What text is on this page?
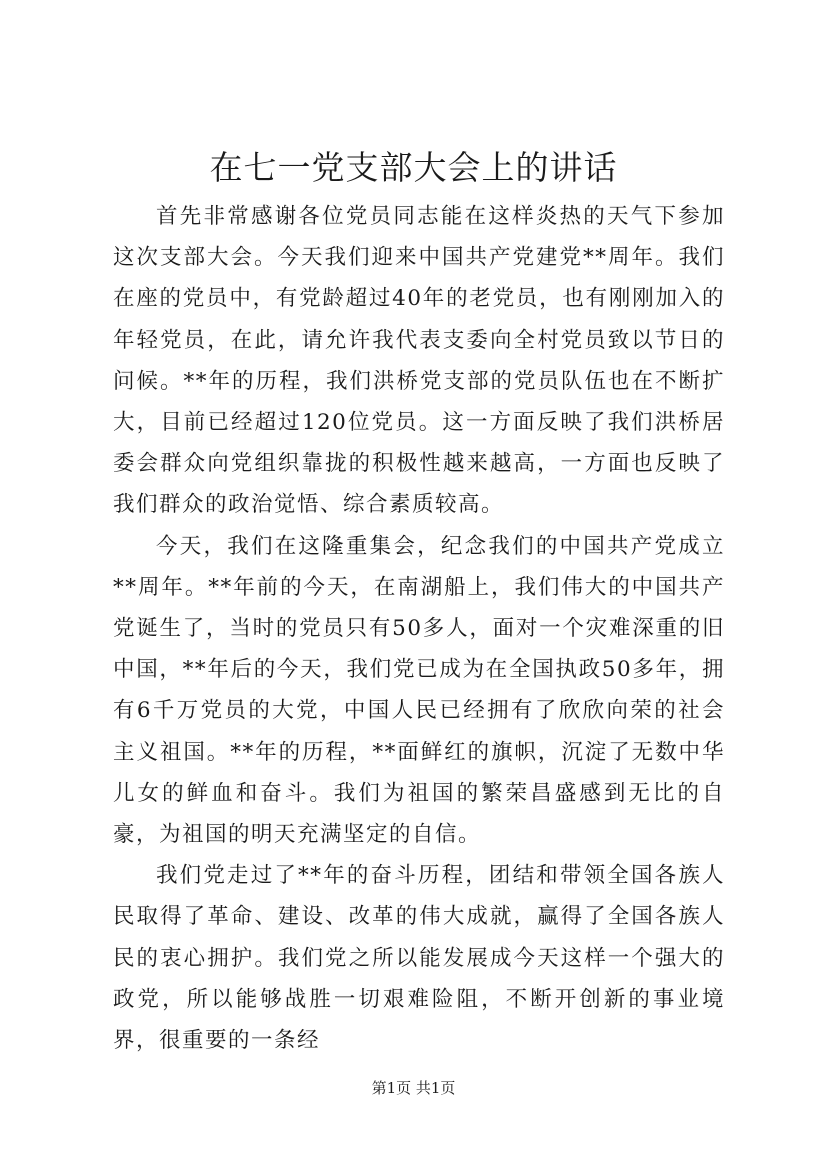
在七一党支部大会上的讲话

首先非常感谢各位党员同志能在这样炎热的天气下参加这次支部大会。今天我们迎来中国共产党建党**周年。我们在座的党员中，有党龄超过40年的老党员，也有刚刚加入的年轻党员，在此，请允许我代表支委向全村党员致以节日的问候。**年的历程，我们洪桥党支部的党员队伍也在不断扩大，目前已经超过120位党员。这一方面反映了我们洪桥居委会群众向党组织靠拢的积极性越来越高，一方面也反映了我们群众的政治觉悟、综合素质较高。

今天，我们在这隆重集会，纪念我们的中国共产党成立**周年。**年前的今天，在南湖船上，我们伟大的中国共产党诞生了，当时的党员只有50多人，面对一个灾难深重的旧中国，**年后的今天，我们党已成为在全国执政50多年，拥有6千万党员的大党，中国人民已经拥有了欣欣向荣的社会主义祖国。**年的历程，**面鲜红的旗帜，沉淀了无数中华儿女的鲜血和奋斗。我们为祖国的繁荣昌盛感到无比的自豪，为祖国的明天充满坚定的自信。

我们党走过了**年的奋斗历程，团结和带领全国各族人民取得了革命、建设、改革的伟大成就，赢得了全国各族人民的衷心拥护。我们党之所以能发展成今天这样一个强大的政党，所以能够战胜一切艰难险阻，不断开创新的事业境界，很重要的一条经

第1页 共1页
